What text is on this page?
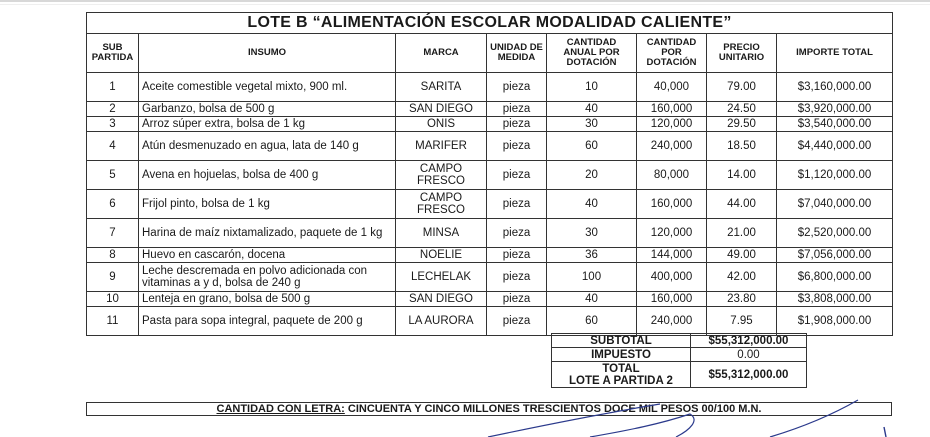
LOTE B “ALIMENTACIÓN ESCOLAR MODALIDAD CALIENTE”							
SUB PARTIDA	INSUMO	MARCA	UNIDAD DE MEDIDA	CANTIDAD ANUAL POR DOTACIÓN	CANTIDAD POR DOTACIÓN	PRECIO UNITARIO	IMPORTE TOTAL
1	Aceite comestible vegetal mixto, 900 ml.	SARITA	pieza	10	40,000	79.00	$3,160,000.00
2	Garbanzo, bolsa de 500 g	SAN DIEGO	pieza	40	160,000	24.50	$3,920,000.00
3	Arroz súper extra, bolsa de 1 kg	ONIS	pieza	30	120,000	29.50	$3,540,000.00
4	Atún desmenuzado en agua, lata de 140 g	MARIFER	pieza	60	240,000	18.50	$4,440,000.00
5	Avena en hojuelas, bolsa de 400 g	CAMPO FRESCO	pieza	20	80,000	14.00	$1,120,000.00
6	Frijol pinto, bolsa de 1 kg	CAMPO FRESCO	pieza	40	160,000	44.00	$7,040,000.00
7	Harina de maíz nixtamalizado, paquete de 1 kg	MINSA	pieza	30	120,000	21.00	$2,520,000.00
8	Huevo en cascarón, docena	NOELIE	pieza	36	144,000	49.00	$7,056,000.00
9	Leche descremada en polvo adicionada con vitaminas a y d, bolsa de 240 g	LECHELAK	pieza	100	400,000	42.00	$6,800,000.00
10	Lenteja en grano, bolsa de 500 g	SAN DIEGO	pieza	40	160,000	23.80	$3,808,000.00
11	Pasta para sopa integral, paquete de 200 g	LA AURORA	pieza	60	240,000	7.95	$1,908,000.00
SUBTOTAL	$55,312,000.00
IMPUESTO	0.00

TOTAL
LOTE A PARTIDA 2	$55,312,000.00
CANTIDAD CON LETRA: CINCUENTA Y CINCO MILLONES TRESCIENTOS DOCE MIL PESOS 00/100 M.N.
